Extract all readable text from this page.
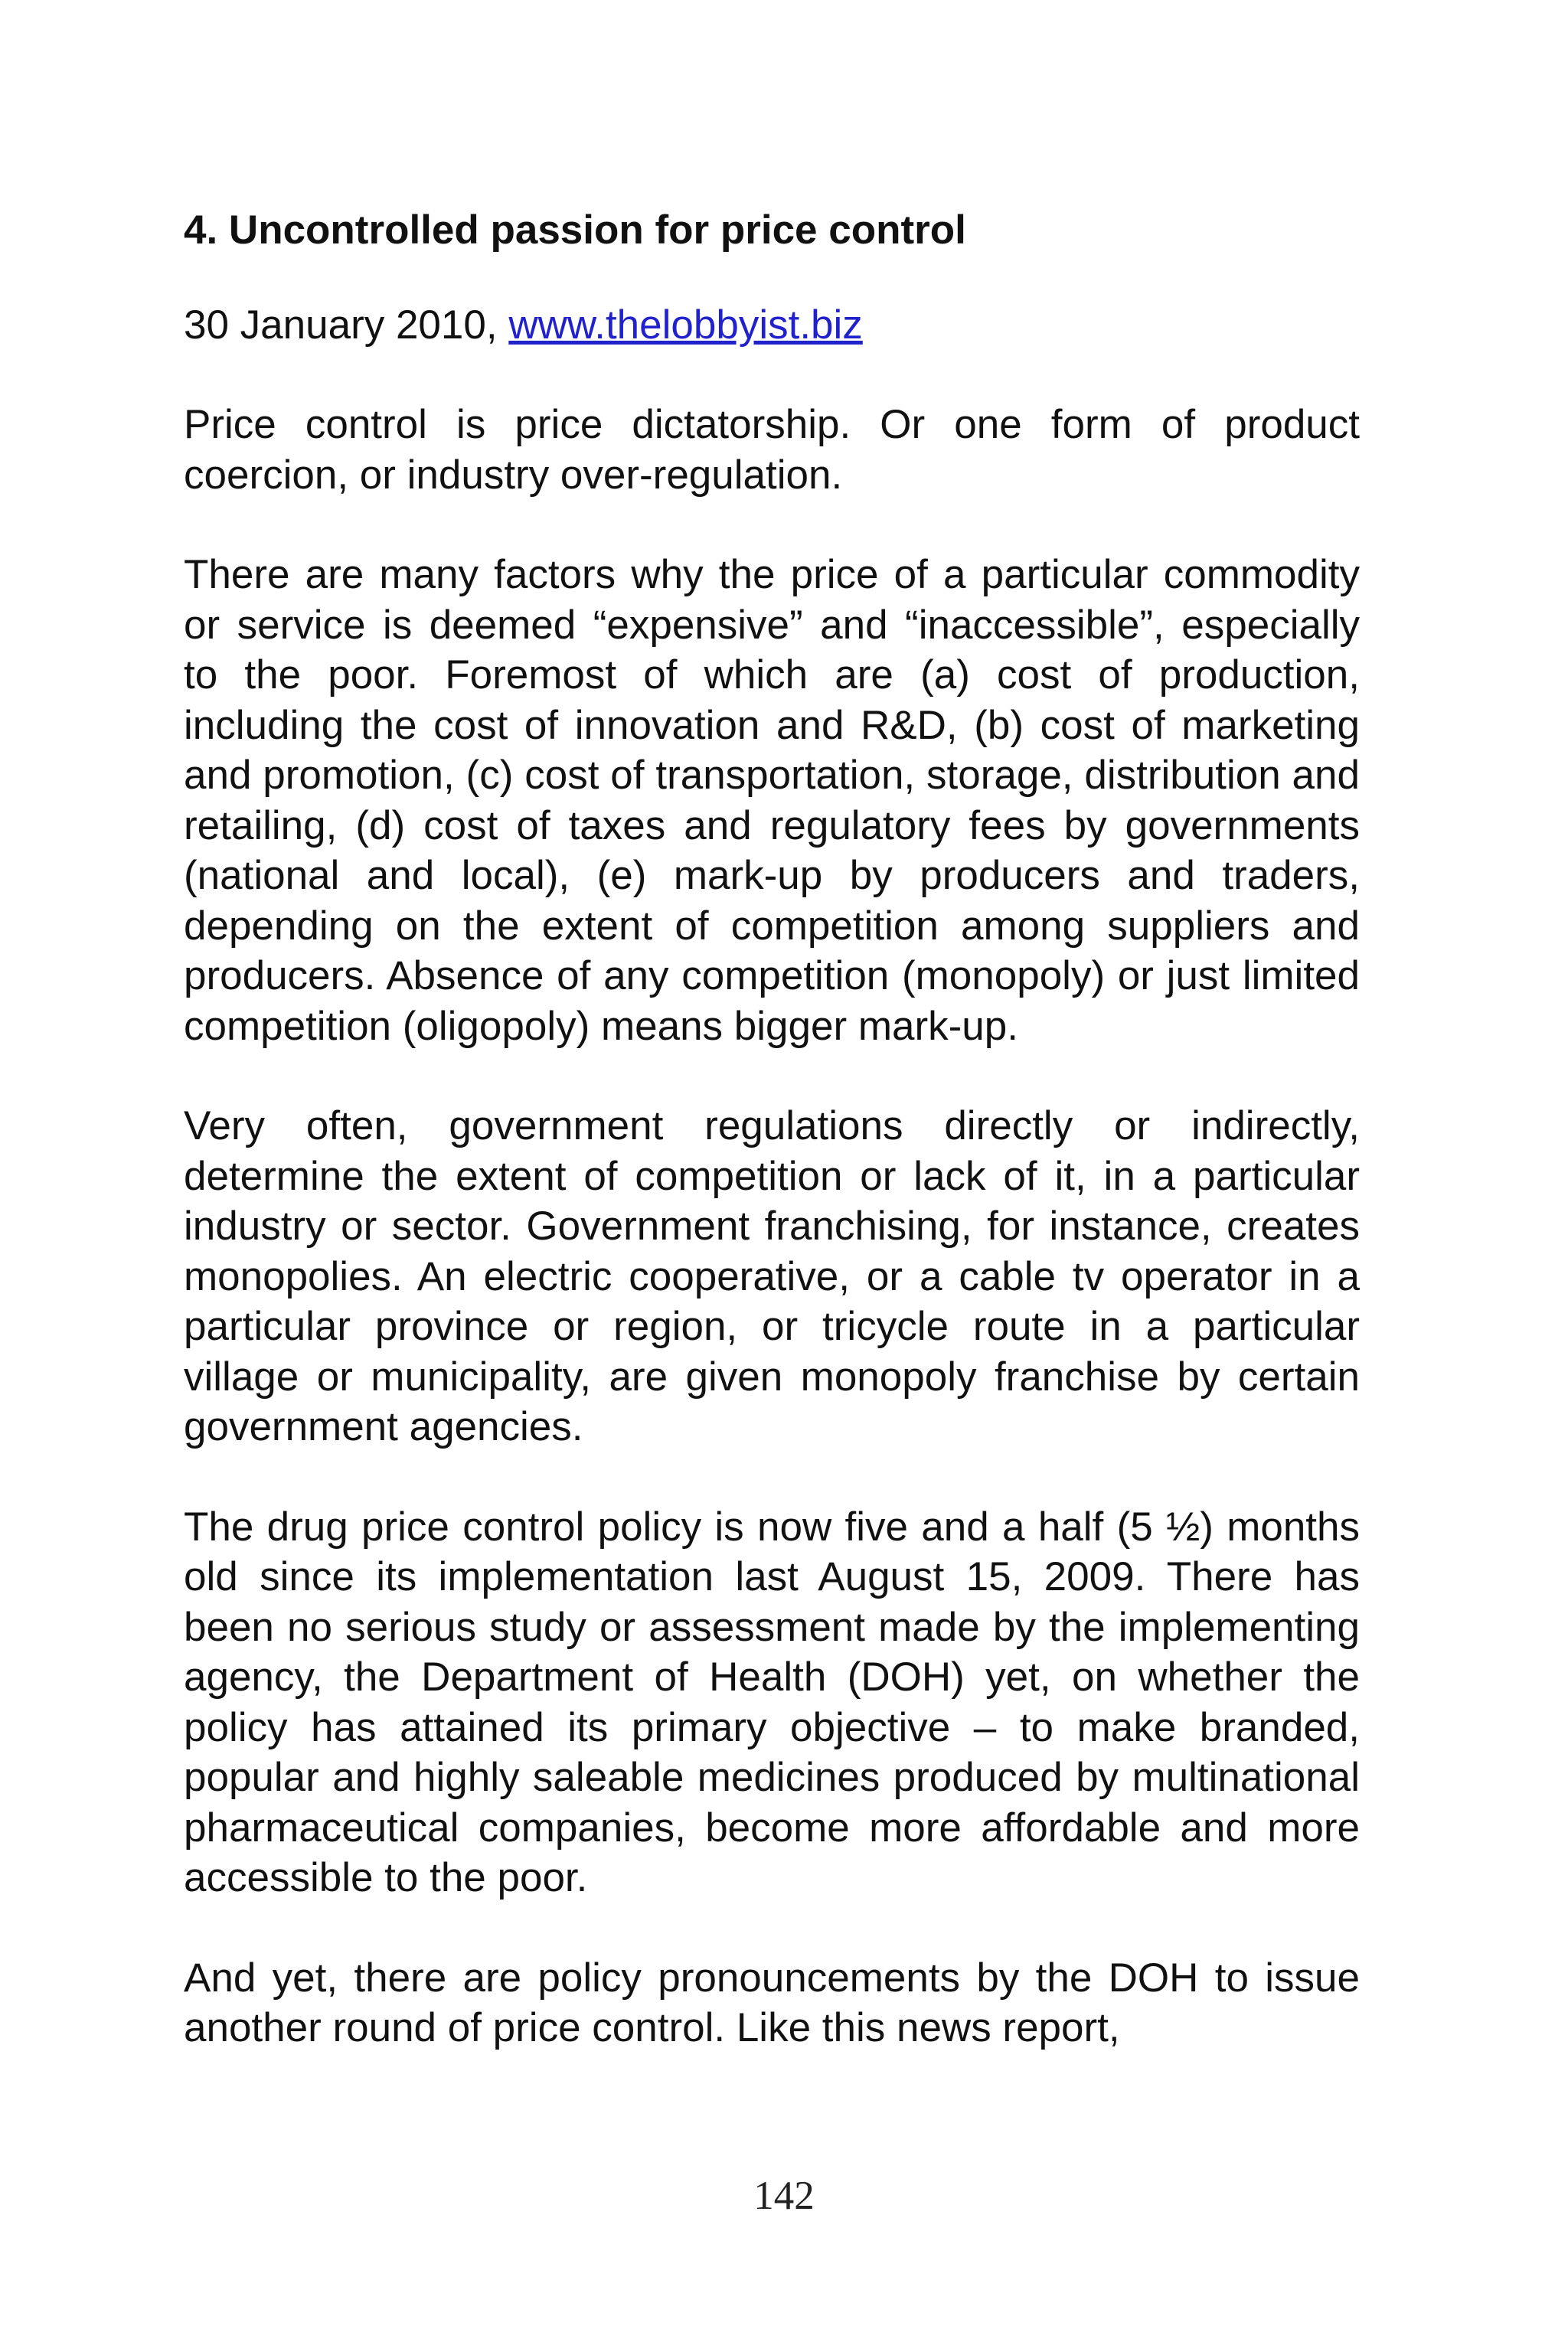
4. Uncontrolled passion for price control
30 January 2010, www.thelobbyist.biz

Price control is price dictatorship. Or one form of product coercion, or industry over-regulation.

There are many factors why the price of a particular commodity or service is deemed “expensive” and “inaccessible”, especially to the poor. Foremost of which are (a) cost of production, including the cost of innovation and R&D, (b) cost of marketing and promotion, (c) cost of transportation, storage, distribution and retailing, (d) cost of taxes and regulatory fees by governments (national and local), (e) mark-up by producers and traders, depending on the extent of competition among suppliers and producers. Absence of any competition (monopoly) or just limited competition (oligopoly) means bigger mark-up.

Very often, government regulations directly or indirectly, determine the extent of competition or lack of it, in a particular industry or sector. Government franchising, for instance, creates monopolies. An electric cooperative, or a cable tv operator in a particular province or region, or tricycle route in a particular village or municipality, are given monopoly franchise by certain government agencies.

The drug price control policy is now five and a half (5 ½) months old since its implementation last August 15, 2009. There has been no serious study or assessment made by the implementing agency, the Department of Health (DOH) yet, on whether the policy has attained its primary objective – to make branded, popular and highly saleable medicines produced by multinational pharmaceutical companies, become more affordable and more accessible to the poor.

And yet, there are policy pronouncements by the DOH to issue another round of price control. Like this news report,

142
